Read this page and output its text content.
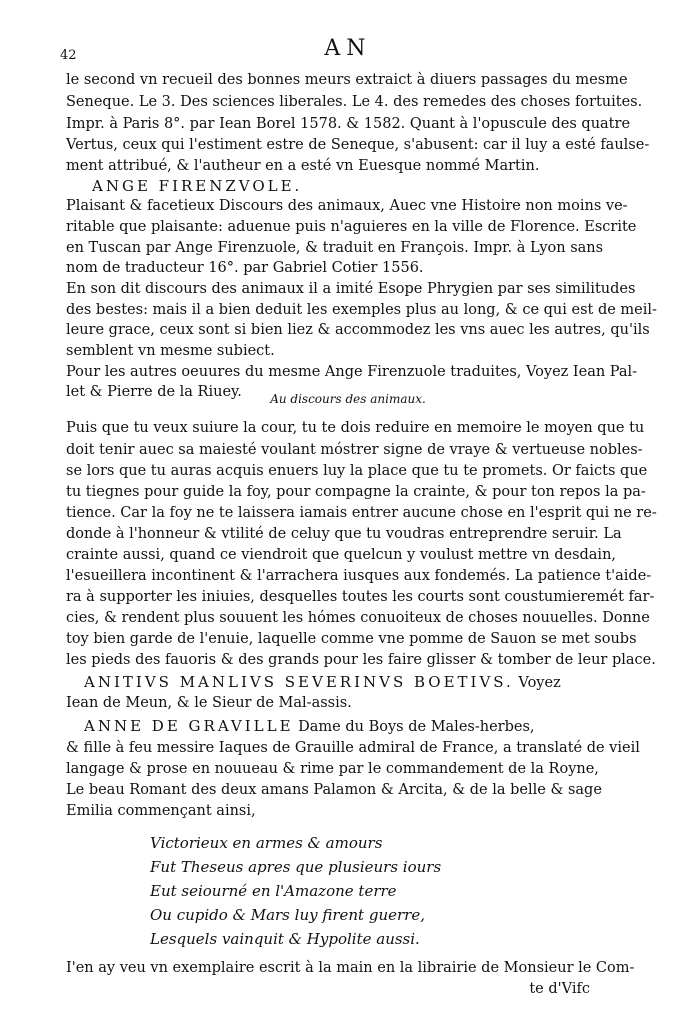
42	AN
le second vn recueil des bonnes meurs extraict à diuers passages du mesme
Seneque. Le 3. Des sciences liberales. Le 4. des remedes des choses fortuites.
Impr. à Paris 8°. par Iean Borel 1578. & 1582. Quant à l'opuscule des quatre
Vertus, ceux qui l'estiment estre de Seneque, s'abusent: car il luy a esté faulse-
ment attribué, & l'autheur en a esté vn Euesque nommé Martin.
ANGE FIRENZVOLE.
Plaisant & facetieux Discours des animaux, Auec vne Histoire non moins ve-
ritable que plaisante: aduenue puis n'aguieres en la ville de Florence. Escrite
en Tuscan par Ange Firenzuole, & traduit en François. Impr. à Lyon sans
nom de traducteur 16°. par Gabriel Cotier 1556.
En son dit discours des animaux il a imité Esope Phrygien par ses similitudes
des bestes: mais il a bien deduit les exemples plus au long, & ce qui est de meil-
leure grace, ceux sont si bien liez & accommodez les vns auec les autres, qu'ils
semblent vn mesme subiect.
Pour les autres oeuures du mesme Ange Firenzuole traduites, Voyez Iean Pal-
let & Pierre de la Riuey.	Au discours des animaux.
Puis que tu veux suiure la cour, tu te dois reduire en memoire le moyen que tu
doit tenir auec sa maiesté voulant móstrer signe de vraye & vertueuse nobles-
se lors que tu auras acquis enuers luy la place que tu te promets. Or faicts que
tu tiegnes pour guide la foy, pour compagne la crainte, & pour ton repos la pa-
tience. Car la foy ne te laissera iamais entrer aucune chose en l'esprit qui ne re-
donde à l'honneur & vtilité de celuy que tu voudras entreprendre seruir. La
crainte aussi, quand ce viendroit que quelcun y voulust mettre vn desdain,
l'esueillera incontinent & l'arrachera iusques aux fondemés. La patience t'aide-
ra à supporter les iniuies, desquelles toutes les courts sont coustumieremét far-
cies, & rendent plus souuent les hómes conuoiteux de choses nouuelles. Donne
toy bien garde de l'enuie, laquelle comme vne pomme de Sauon se met soubs
les pieds des fauoris & des grands pour les faire glisser & tomber de leur place.
ANITIVS MANLIVS SEVERINVS BOETIVS. Voyez
Iean de Meun, & le Sieur de Mal-assis.
ANNE DE GRAVILLE Dame du Boys de Males-herbes,
& fille à feu messire Iaques de Grauille admiral de France, a translaté de vieil
langage & prose en nouueau & rime par le commandement de la Royne,
Le beau Romant des deux amans Palamon & Arcita, & de la belle & sage
Emilia commençant ainsi,
Victorieux en armes & amours
Fut Theseus apres que plusieurs iours
Eut seiourné en l'Amazone terre
Ou cupido & Mars luy firent guerre,
Lesquels vainquit & Hypolite aussi.
I'en ay veu vn exemplaire escrit à la main en la librairie de Monsieur le Com-
te d'Vifc
